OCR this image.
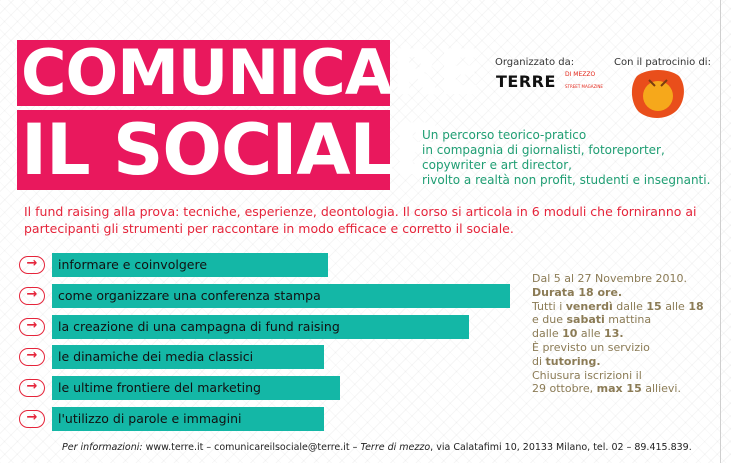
COMUNICARE
IL SOCIALE
Organizzato da:	Con il patrocinio di:
TERRE DI MEZZO
STREET MAGAZINE
Un percorso teorico-pratico
in compagnia di giornalisti, fotoreporter,
copywriter e art director,
rivolto a realtà non profit, studenti e insegnanti.
Il fund raising alla prova: tecniche, esperienze, deontologia. Il corso si articola in 6 moduli che forniranno ai partecipanti gli strumenti per raccontare in modo efficace e corretto il sociale.
→	informare e coinvolgere
→	come organizzare una conferenza stampa
→	la creazione di una campagna di fund raising
→	le dinamiche dei media classici
→	le ultime frontiere del marketing
→	l'utilizzo di parole e immagini
Dal 5 al 27 Novembre 2010.
Durata 18 ore.
Tutti i venerdì dalle 15 alle 18
e due sabati mattina
dalle 10 alle 13.
È previsto un servizio
di tutoring.
Chiusura iscrizioni il
29 ottobre, max 15 allievi.
Per informazioni: www.terre.it – comunicareilsociale@terre.it – Terre di mezzo, via Calatafimi 10, 20133 Milano, tel. 02 – 89.415.839.
